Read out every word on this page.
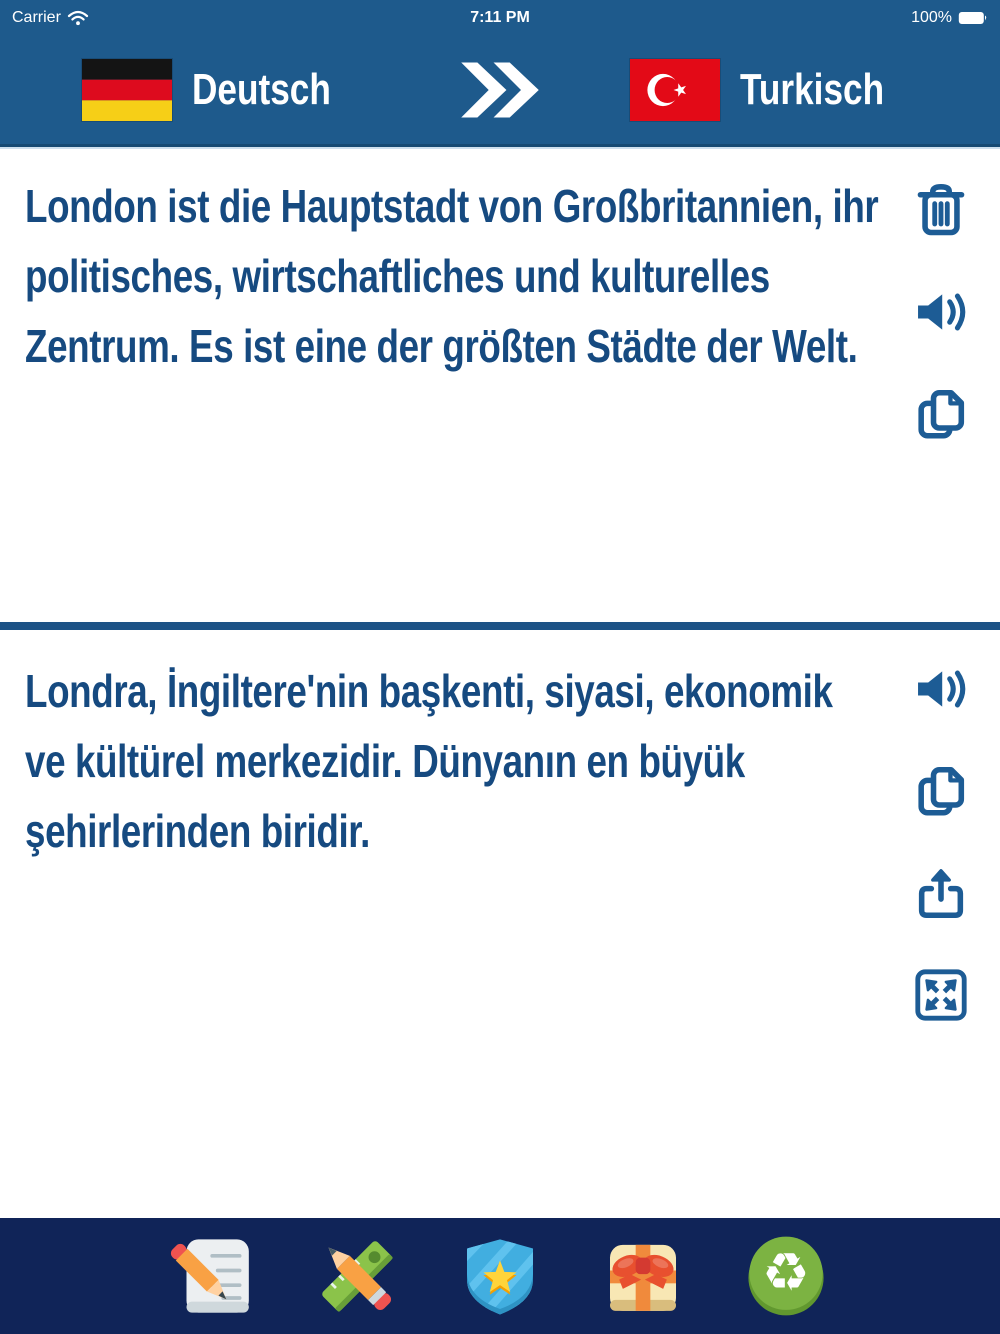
Carrier	7:11 PM	100%
Deutsch	Turkisch
London ist die Hauptstadt von Großbritannien, ihr politisches, wirtschaftliches und kulturelles Zentrum. Es ist eine der größten Städte der Welt.
Londra, İngiltere'nin başkenti, siyasi, ekonomik ve kültürel merkezidir. Dünyanın en büyük şehirlerinden biridir.
♻
